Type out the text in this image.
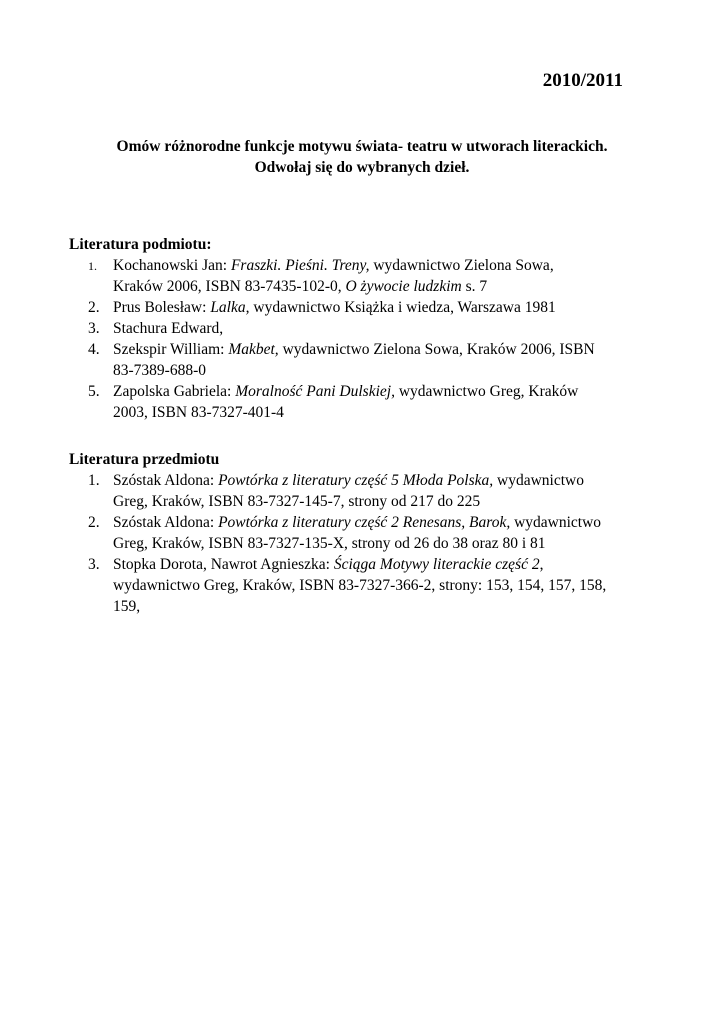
2010/2011
Omów różnorodne funkcje motywu świata- teatru w utworach literackich.
Odwołaj się do wybranych dzieł.
Literatura podmiotu:
1. Kochanowski Jan: Fraszki. Pieśni. Treny, wydawnictwo Zielona Sowa,
Kraków 2006, ISBN 83-7435-102-0, O żywocie ludzkim s. 7
2. Prus Bolesław: Lalka, wydawnictwo Książka i wiedza, Warszawa 1981
3. Stachura Edward,
4. Szekspir William: Makbet, wydawnictwo Zielona Sowa, Kraków 2006, ISBN
83-7389-688-0
5. Zapolska Gabriela: Moralność Pani Dulskiej, wydawnictwo Greg, Kraków
2003, ISBN 83-7327-401-4
Literatura przedmiotu
1. Szóstak Aldona: Powtórka z literatury część 5 Młoda Polska, wydawnictwo
Greg, Kraków, ISBN 83-7327-145-7, strony od 217 do 225
2. Szóstak Aldona: Powtórka z literatury część 2 Renesans, Barok, wydawnictwo
Greg, Kraków, ISBN 83-7327-135-X, strony od 26 do 38 oraz 80 i 81
3. Stopka Dorota, Nawrot Agnieszka: Ściąga Motywy literackie część 2,
wydawnictwo Greg, Kraków, ISBN 83-7327-366-2, strony: 153, 154, 157, 158,
159,
